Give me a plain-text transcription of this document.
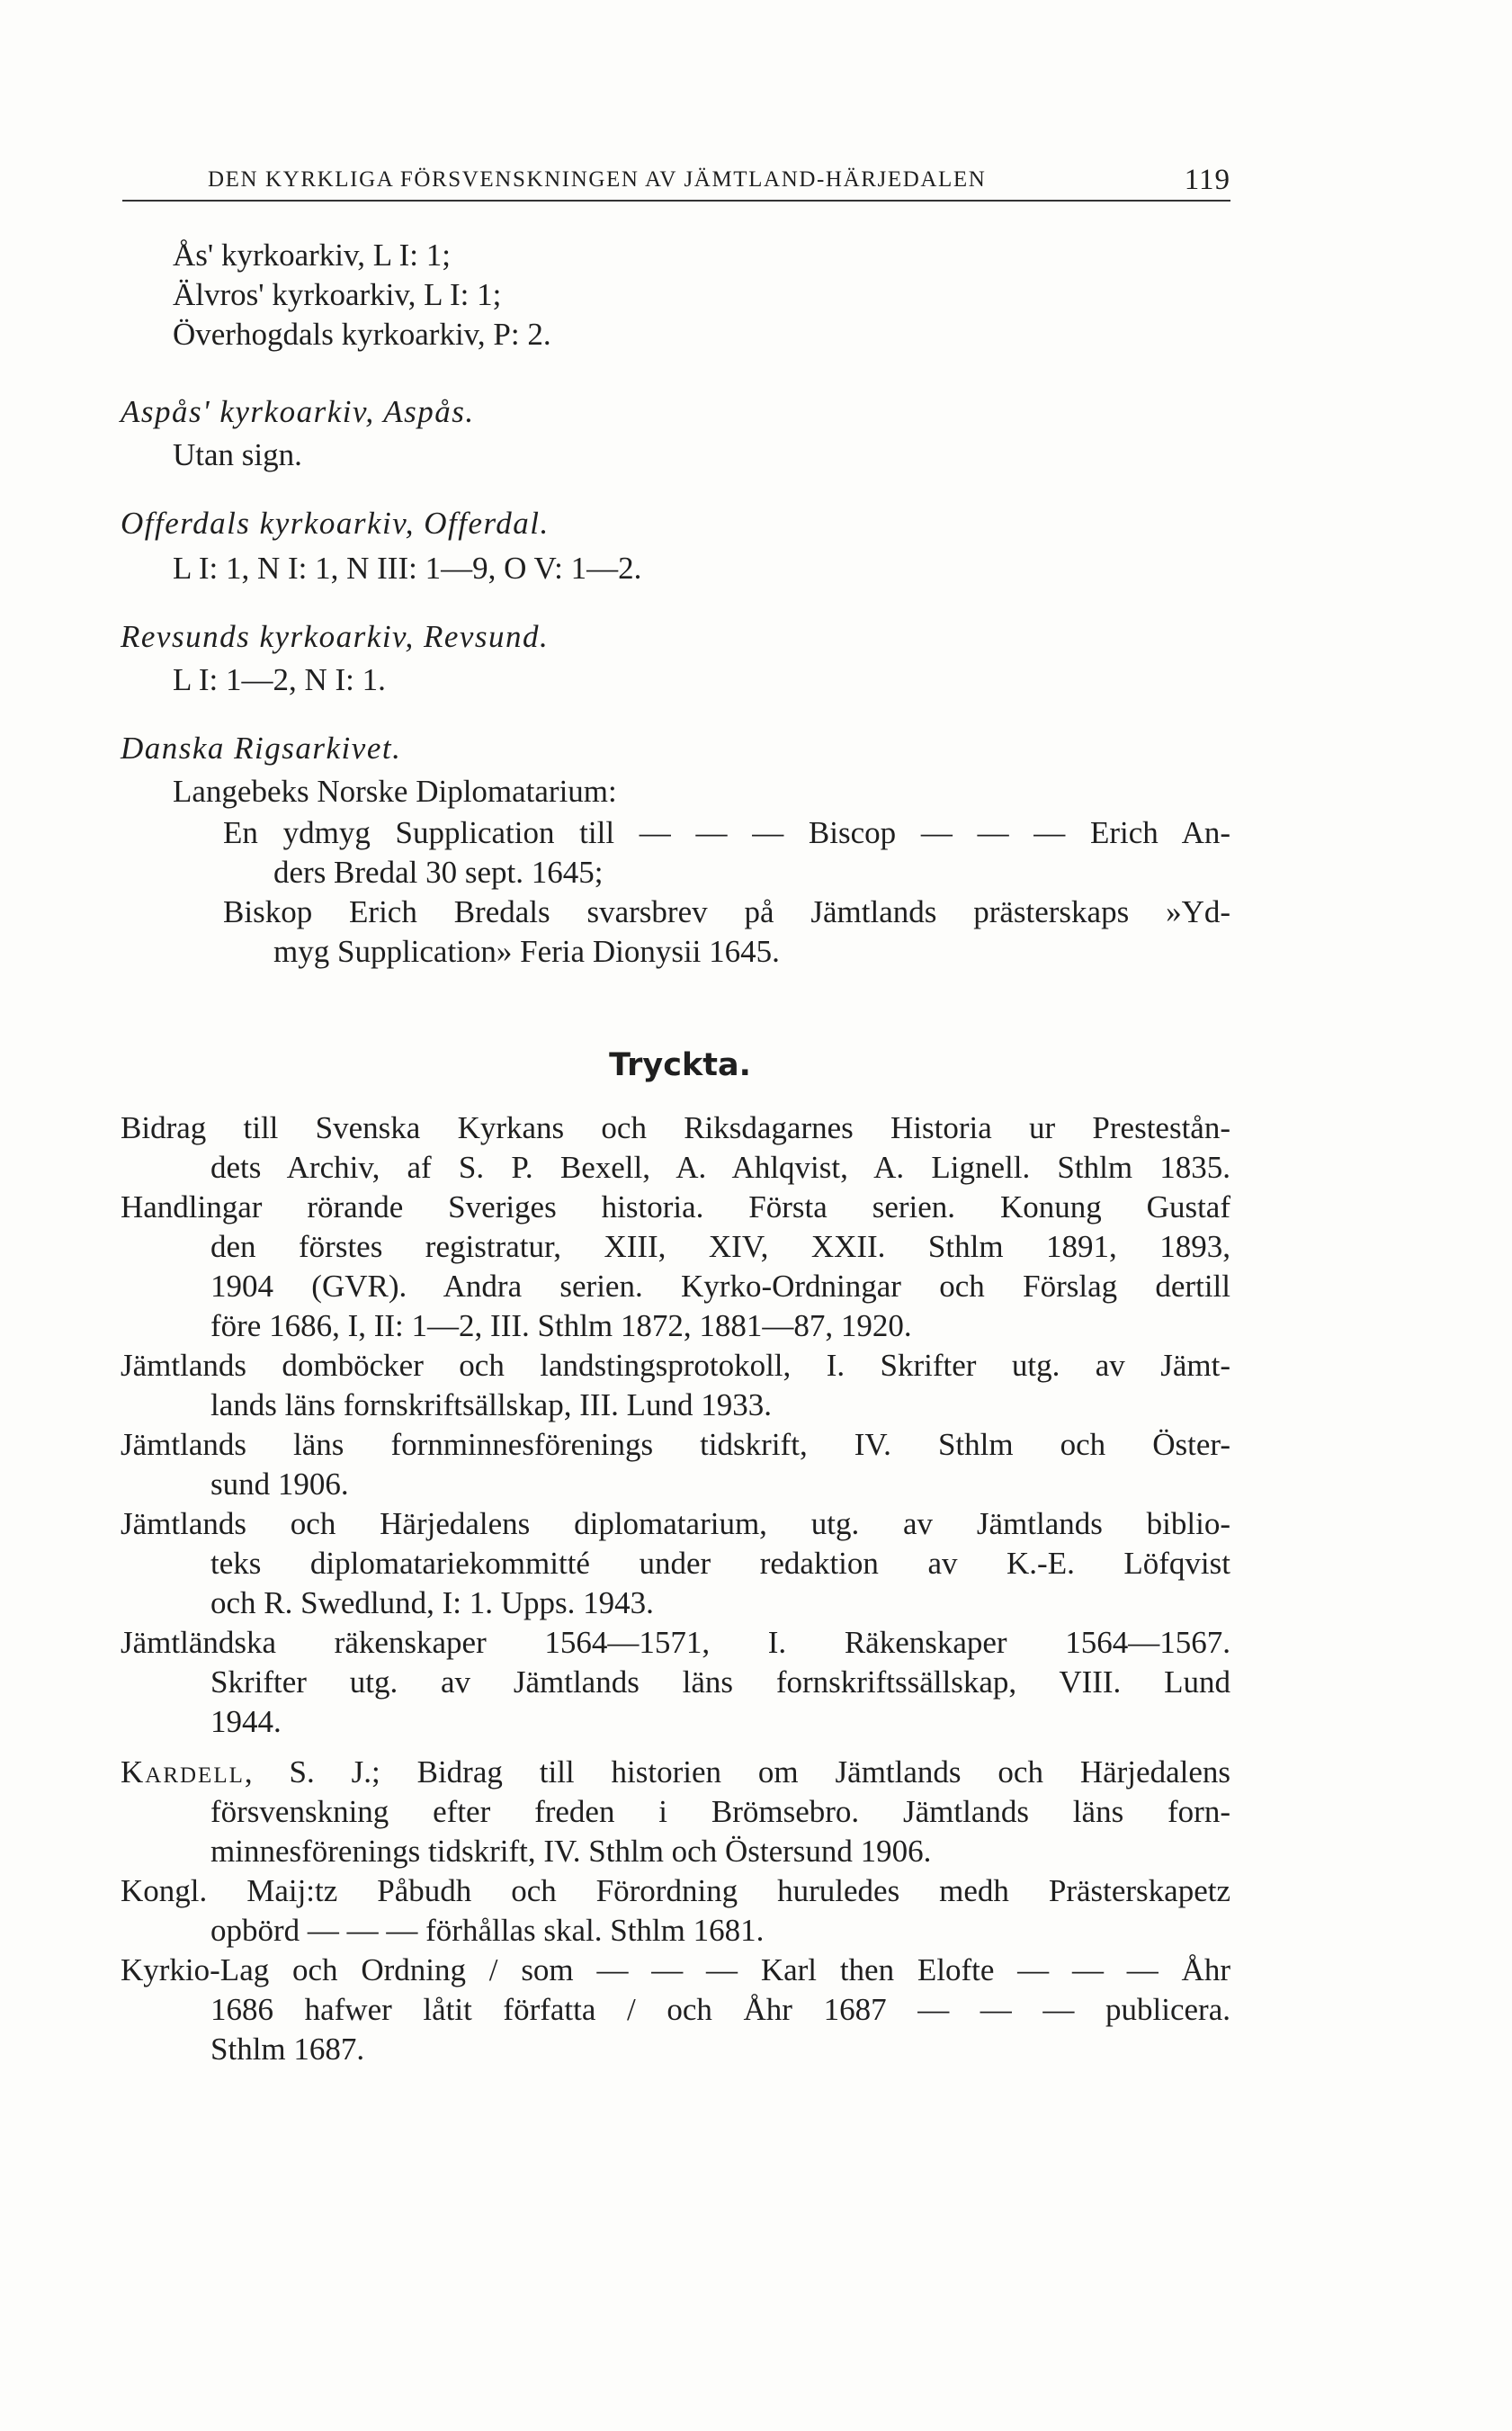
DEN KYRKLIGA FÖRSVENSKNINGEN AV JÄMTLAND-HÄRJEDALEN	119
Ås' kyrkoarkiv, L I: 1;
Älvros' kyrkoarkiv, L I: 1;
Överhogdals kyrkoarkiv, P: 2.
Aspås' kyrkoarkiv, Aspås.
Utan sign.
Offerdals kyrkoarkiv, Offerdal.
L I: 1, N I: 1, N III: 1—9, O V: 1—2.
Revsunds kyrkoarkiv, Revsund.
L I: 1—2, N I: 1.
Danska Rigsarkivet.
Langebeks Norske Diplomatarium:
En ydmyg Supplication till — — — Biscop — — — Erich An-
ders Bredal 30 sept. 1645;
Biskop Erich Bredals svarsbrev på Jämtlands prästerskaps »Yd-
myg Supplication» Feria Dionysii 1645.
Tryckta.
Bidrag till Svenska Kyrkans och Riksdagarnes Historia ur Prestestån-
dets Archiv, af S. P. Bexell, A. Ahlqvist, A. Lignell. Sthlm 1835.
Handlingar rörande Sveriges historia. Första serien. Konung Gustaf
den förstes registratur, XIII, XIV, XXII. Sthlm 1891, 1893,
1904 (GVR). Andra serien. Kyrko-Ordningar och Förslag dertill
före 1686, I, II: 1—2, III. Sthlm 1872, 1881—87, 1920.
Jämtlands domböcker och landstingsprotokoll, I. Skrifter utg. av Jämt-
lands läns fornskriftsällskap, III. Lund 1933.
Jämtlands läns fornminnesförenings tidskrift, IV. Sthlm och Öster-
sund 1906.
Jämtlands och Härjedalens diplomatarium, utg. av Jämtlands biblio-
teks diplomatariekommitté under redaktion av K.-E. Löfqvist
och R. Swedlund, I: 1. Upps. 1943.
Jämtländska räkenskaper 1564—1571, I. Räkenskaper 1564—1567.
Skrifter utg. av Jämtlands läns fornskriftssällskap, VIII. Lund
1944.
Kardell, S. J.; Bidrag till historien om Jämtlands och Härjedalens
försvenskning efter freden i Brömsebro. Jämtlands läns forn-
minnesförenings tidskrift, IV. Sthlm och Östersund 1906.
Kongl. Maij:tz Påbudh och Förordning huruledes medh Prästerskapetz
opbörd — — — förhållas skal. Sthlm 1681.
Kyrkio-Lag och Ordning / som — — — Karl then Elofte — — — Åhr
1686 hafwer låtit författa / och Åhr 1687 — — — publicera.
Sthlm 1687.
